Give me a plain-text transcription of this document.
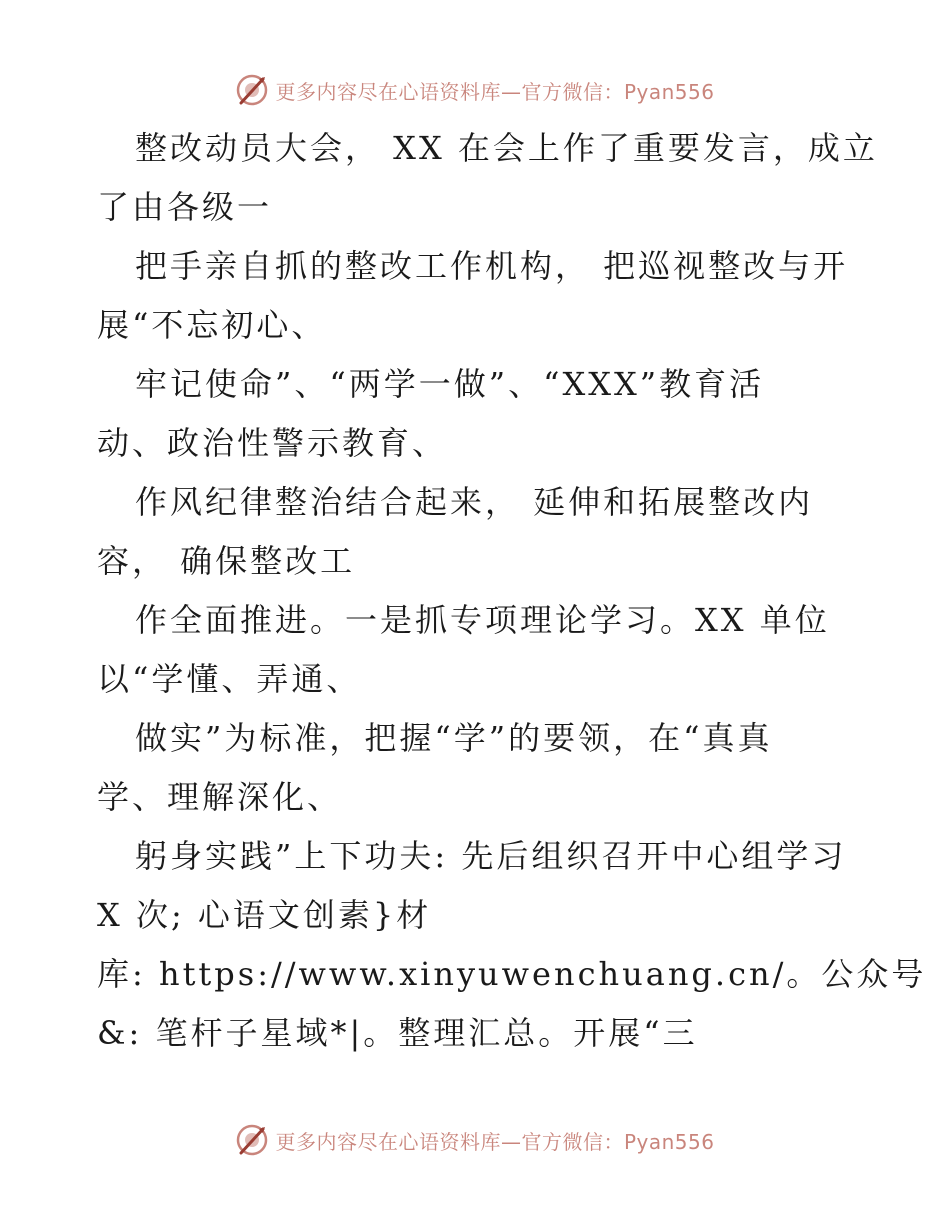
更多内容尽在心语资料库—官方微信：Pyan556
整改动员大会， XX 在会上作了重要发言，成立
了由各级一
把手亲自抓的整改工作机构， 把巡视整改与开
展“不忘初心、
牢记使命”、“两学一做”、“XXX”教育活
动、政治性警示教育、
作风纪律整治结合起来， 延伸和拓展整改内
容， 确保整改工
作全面推进。一是抓专项理论学习。XX 单位
以“学懂、弄通、
做实”为标准，把握“学”的要领，在“真真
学、理解深化、
躬身实践”上下功夫: 先后组织召开中心组学习
X 次; 心语文创素}材
库: https://www.xinyuwenchuang.cn/。公众号
&: 笔杆子星域*|。整理汇总。开展“三
更多内容尽在心语资料库—官方微信：Pyan556
